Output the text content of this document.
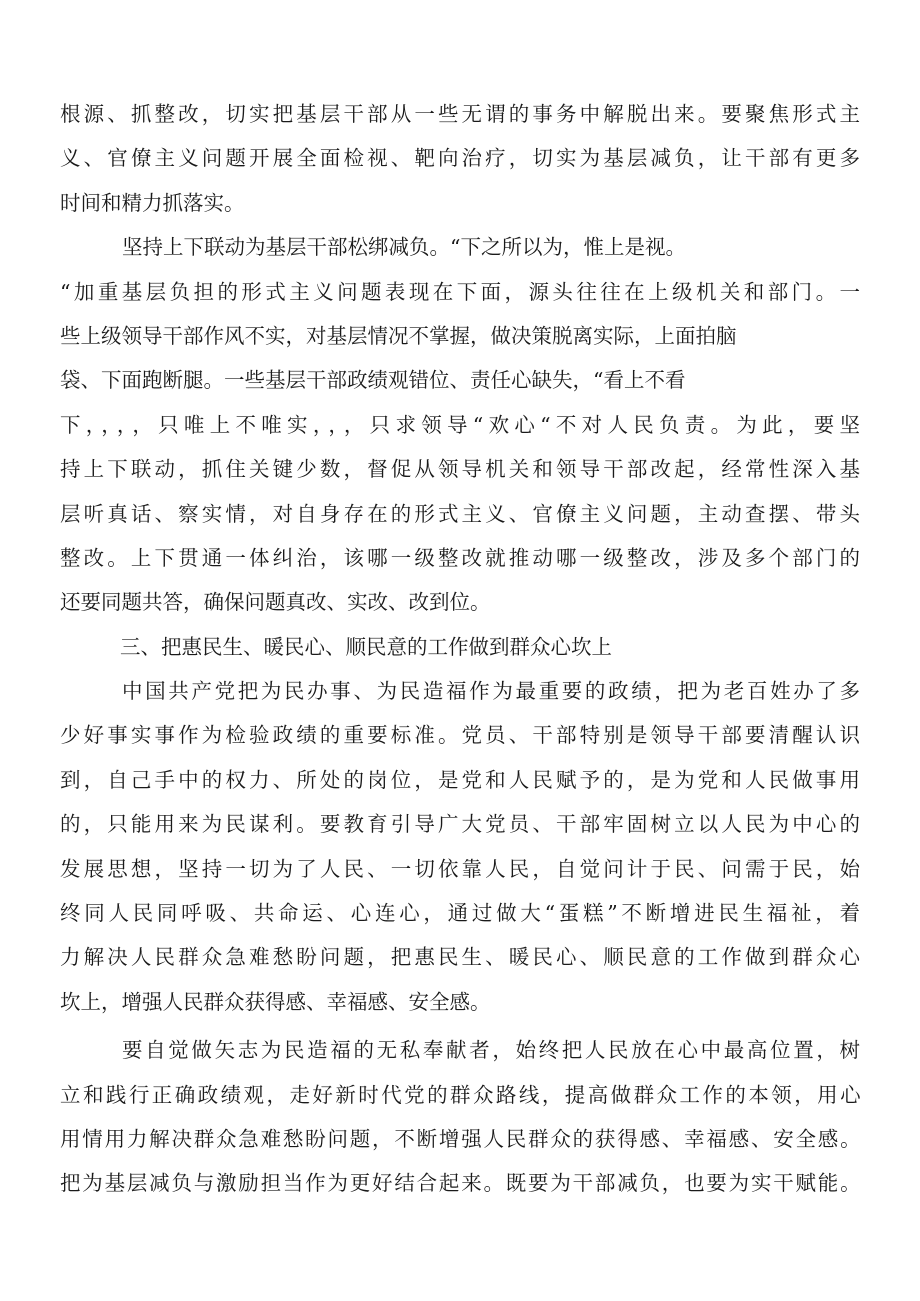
根源、抓整改，切实把基层干部从一些无谓的事务中解脱出来。要聚焦形式主
义、官僚主义问题开展全面检视、靶向治疗，切实为基层减负，让干部有更多
时间和精力抓落实。
坚持上下联动为基层干部松绑减负。“下之所以为，惟上是视。
“加重基层负担的形式主义问题表现在下面，源头往往在上级机关和部门。一
些上级领导干部作风不实，对基层情况不掌握，做决策脱离实际，上面拍脑
袋、下面跑断腿。一些基层干部政绩观错位、责任心缺失，“看上不看
下，，，，只唯上不唯实，，，只求领导“欢心“不对人民负责。为此，要坚
持上下联动，抓住关键少数，督促从领导机关和领导干部改起，经常性深入基
层听真话、察实情，对自身存在的形式主义、官僚主义问题，主动查摆、带头
整改。上下贯通一体纠治，该哪一级整改就推动哪一级整改，涉及多个部门的
还要同题共答，确保问题真改、实改、改到位。
三、把惠民生、暖民心、顺民意的工作做到群众心坎上
中国共产党把为民办事、为民造福作为最重要的政绩，把为老百姓办了多
少好事实事作为检验政绩的重要标准。党员、干部特别是领导干部要清醒认识
到，自己手中的权力、所处的岗位，是党和人民赋予的，是为党和人民做事用
的，只能用来为民谋利。要教育引导广大党员、干部牢固树立以人民为中心的
发展思想，坚持一切为了人民、一切依靠人民，自觉问计于民、问需于民，始
终同人民同呼吸、共命运、心连心，通过做大“蛋糕”不断增进民生福祉，着
力解决人民群众急难愁盼问题，把惠民生、暖民心、顺民意的工作做到群众心
坎上，增强人民群众获得感、幸福感、安全感。
要自觉做矢志为民造福的无私奉献者，始终把人民放在心中最高位置，树
立和践行正确政绩观，走好新时代党的群众路线，提高做群众工作的本领，用心
用情用力解决群众急难愁盼问题，不断增强人民群众的获得感、幸福感、安全感。
把为基层减负与激励担当作为更好结合起来。既要为干部减负，也要为实干赋能。
